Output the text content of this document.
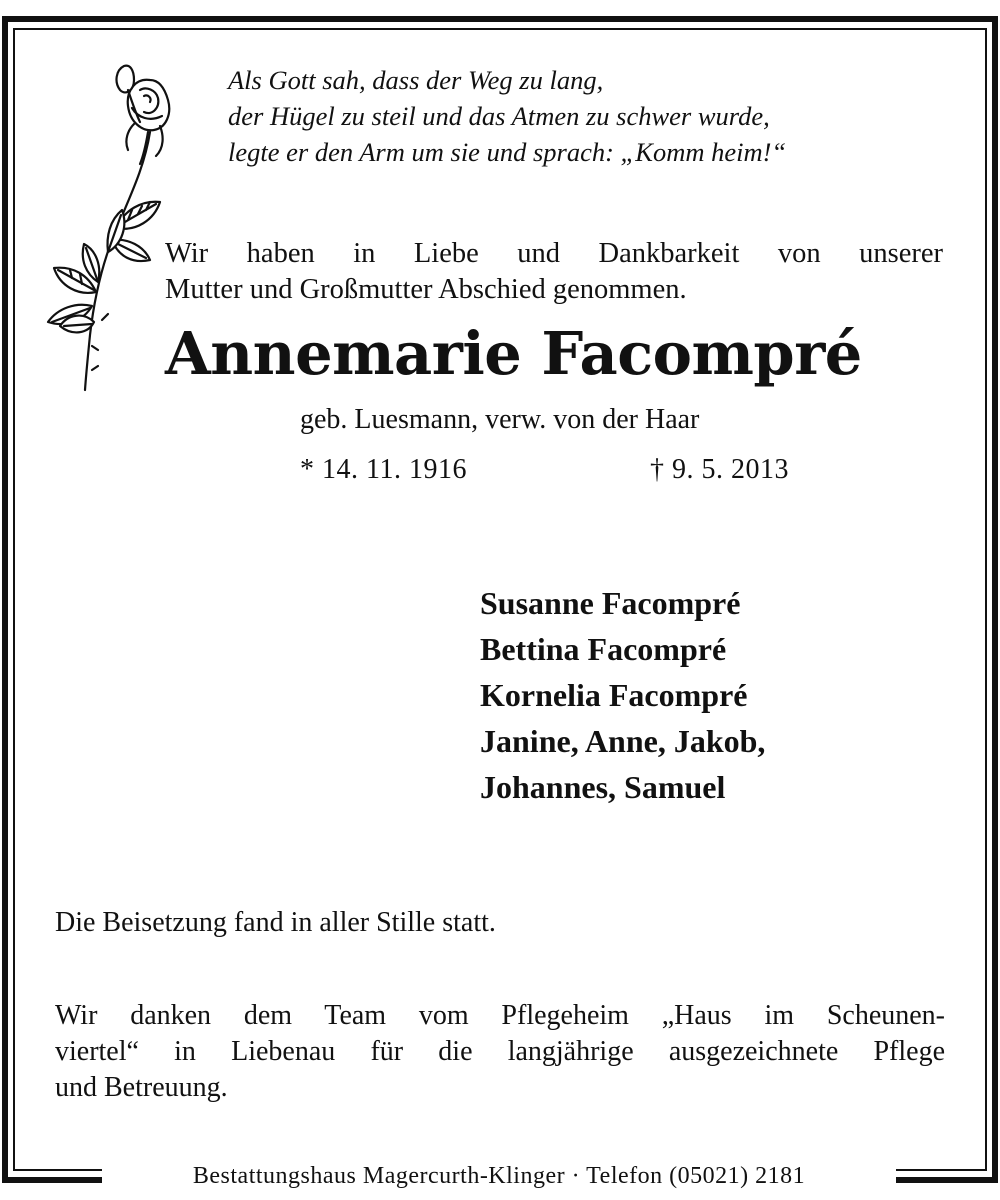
Als Gott sah, dass der Weg zu lang,
der Hügel zu steil und das Atmen zu schwer wurde,
legte er den Arm um sie und sprach: „Komm heim!“
Wir haben in Liebe und Dankbarkeit von unserer
Mutter und Großmutter Abschied genommen.
Annemarie Facompré
geb. Luesmann, verw. von der Haar
* 14. 11. 1916	† 9. 5. 2013
Susanne Facompré
Bettina Facompré
Kornelia Facompré
Janine, Anne, Jakob,
Johannes, Samuel
Die Beisetzung fand in aller Stille statt.
Wir danken dem Team vom Pflegeheim „Haus im Scheunen-
viertel“ in Liebenau für die langjährige ausgezeichnete Pflege
und Betreuung.
Bestattungshaus Magercurth-Klinger · Telefon (05021) 2181
